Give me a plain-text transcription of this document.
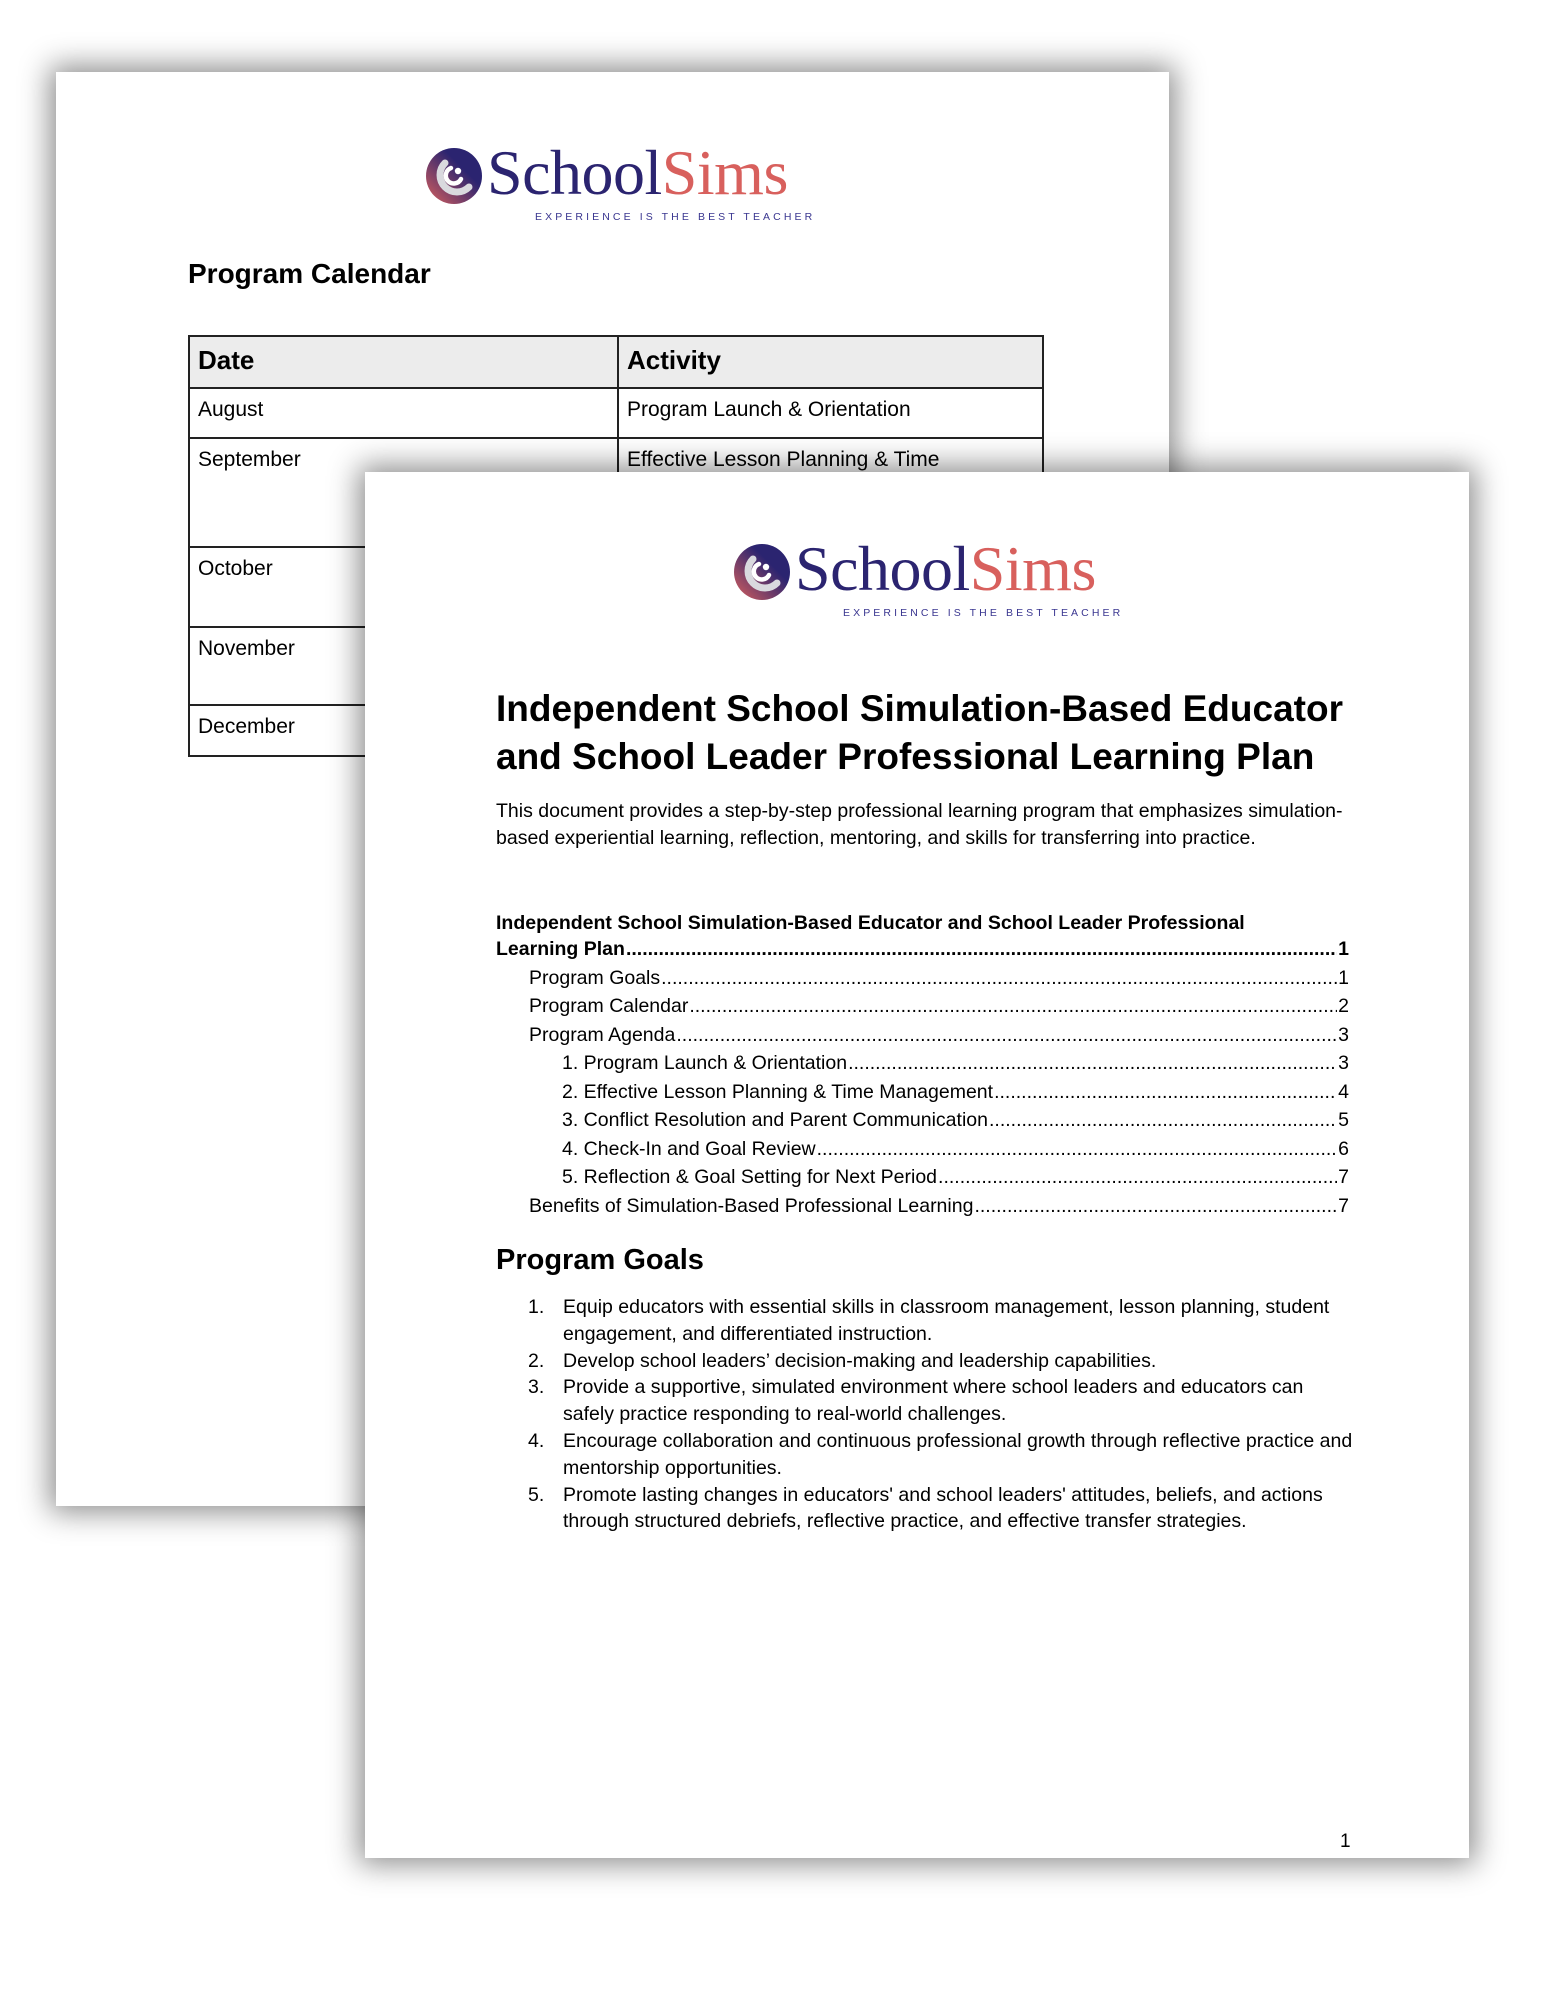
SchoolSims
EXPERIENCE IS THE BEST TEACHER
Program Calendar
Date	Activity
August	Program Launch & Orientation
September	Effective Lesson Planning & Time
October	
November	
December	
SchoolSims
EXPERIENCE IS THE BEST TEACHER
Independent School Simulation-Based Educator and School Leader Professional Learning Plan
This document provides a step-by-step professional learning program that emphasizes simulation-based experiential learning, reflection, mentoring, and skills for transferring into practice.
Independent School Simulation-Based Educator and School Leader Professional
Learning Plan .....	1
Program Goals .....	1
Program Calendar .....	2
Program Agenda .....	3
1. Program Launch & Orientation .....	3
2. Effective Lesson Planning & Time Management .....	4
3. Conflict Resolution and Parent Communication .....	5
4. Check-In and Goal Review .....	6
5. Reflection & Goal Setting for Next Period .....	7
Benefits of Simulation-Based Professional Learning .....	7
Program Goals
1. Equip educators with essential skills in classroom management, lesson planning, student engagement, and differentiated instruction.
2. Develop school leaders’ decision-making and leadership capabilities.
3. Provide a supportive, simulated environment where school leaders and educators can safely practice responding to real-world challenges.
4. Encourage collaboration and continuous professional growth through reflective practice and mentorship opportunities.
5. Promote lasting changes in educators' and school leaders' attitudes, beliefs, and actions through structured debriefs, reflective practice, and effective transfer strategies.
1
